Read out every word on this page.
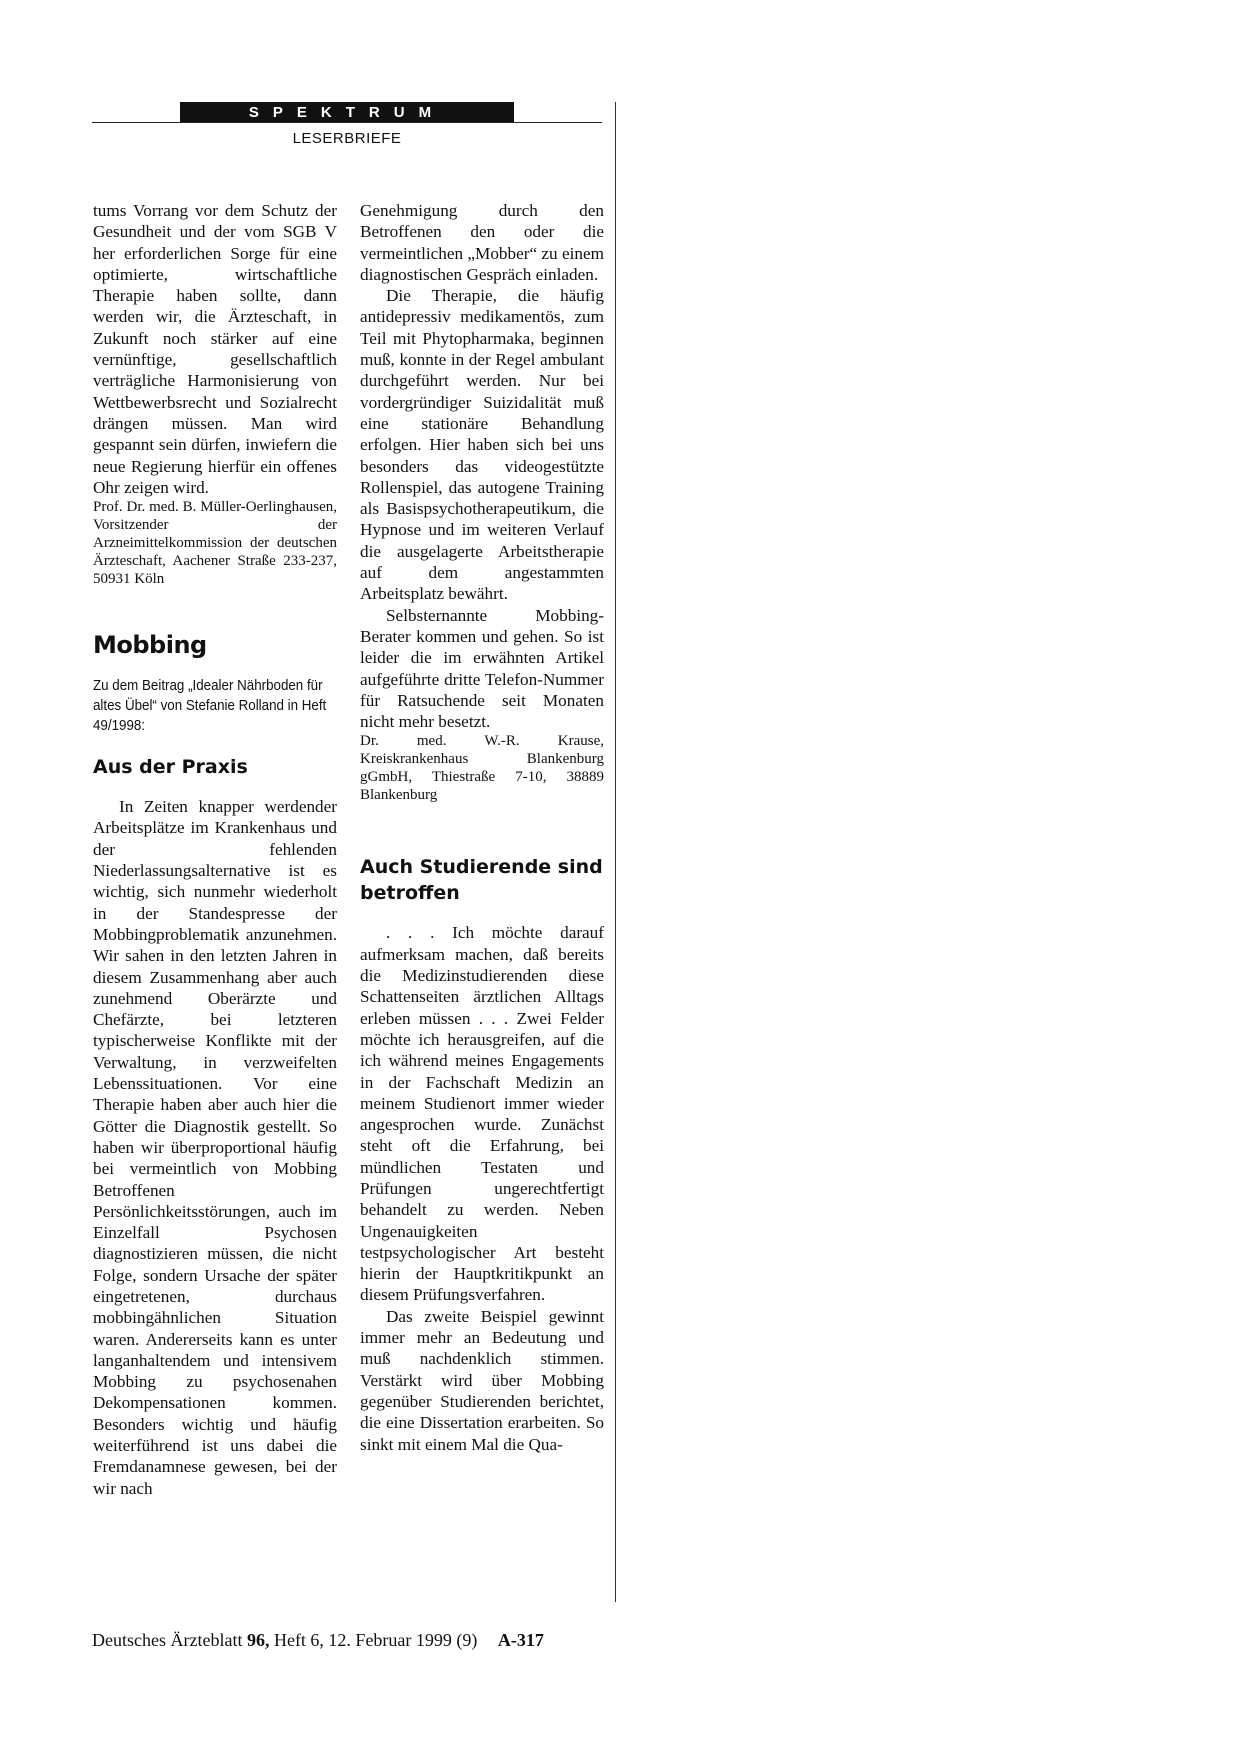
SPEKTRUM
LESERBRIEFE

tums Vorrang vor dem Schutz der Gesundheit und der vom SGB V her erforderlichen Sorge für eine optimierte, wirtschaftliche Therapie haben sollte, dann werden wir, die Ärzteschaft, in Zukunft noch stärker auf eine vernünftige, gesellschaftlich verträgliche Harmonisierung von Wettbewerbsrecht und Sozialrecht drängen müssen. Man wird gespannt sein dürfen, inwiefern die neue Regierung hierfür ein offenes Ohr zeigen wird.

Prof. Dr. med. B. Müller-Oerlinghausen, Vorsitzender der Arzneimittelkommission der deutschen Ärzteschaft, Aachener Straße 233-237, 50931 Köln

Mobbing
Zu dem Beitrag „Idealer Nährboden für altes Übel“ von Stefanie Rolland in Heft 49/1998:
Aus der Praxis

In Zeiten knapper werdender Arbeitsplätze im Krankenhaus und der fehlenden Niederlassungsalternative ist es wichtig, sich nunmehr wiederholt in der Standespresse der Mobbingproblematik anzunehmen. Wir sahen in den letzten Jahren in diesem Zusammenhang aber auch zunehmend Oberärzte und Chefärzte, bei letzteren typischerweise Konflikte mit der Verwaltung, in verzweifelten Lebenssituationen. Vor eine Therapie haben aber auch hier die Götter die Diagnostik gestellt. So haben wir überproportional häufig bei vermeintlich von Mobbing Betroffenen Persönlichkeitsstörungen, auch im Einzelfall Psychosen diagnostizieren müssen, die nicht Folge, sondern Ursache der später eingetretenen, durchaus mobbingähnlichen Situation waren. Andererseits kann es unter langanhaltendem und intensivem Mobbing zu psychosenahen Dekompensationen kommen. Besonders wichtig und häufig weiterführend ist uns dabei die Fremdanamnese gewesen, bei der wir nach

Genehmigung durch den Betroffenen den oder die vermeintlichen „Mobber“ zu einem diagnostischen Gespräch einladen.

Die Therapie, die häufig antidepressiv medikamentös, zum Teil mit Phytopharmaka, beginnen muß, konnte in der Regel ambulant durchgeführt werden. Nur bei vordergründiger Suizidalität muß eine stationäre Behandlung erfolgen. Hier haben sich bei uns besonders das videogestützte Rollenspiel, das autogene Training als Basispsychotherapeutikum, die Hypnose und im weiteren Verlauf die ausgelagerte Arbeitstherapie auf dem angestammten Arbeitsplatz bewährt.

Selbsternannte Mobbing-Berater kommen und gehen. So ist leider die im erwähnten Artikel aufgeführte dritte Telefon-Nummer für Ratsuchende seit Monaten nicht mehr besetzt.

Dr. med. W.-R. Krause, Kreiskrankenhaus Blankenburg gGmbH, Thiestraße 7-10, 38889 Blankenburg

Auch Studierende sind betroffen

. . . Ich möchte darauf aufmerksam machen, daß bereits die Medizinstudierenden diese Schattenseiten ärztlichen Alltags erleben müssen . . . Zwei Felder möchte ich herausgreifen, auf die ich während meines Engagements in der Fachschaft Medizin an meinem Studienort immer wieder angesprochen wurde. Zunächst steht oft die Erfahrung, bei mündlichen Testaten und Prüfungen ungerechtfertigt behandelt zu werden. Neben Ungenauigkeiten testpsychologischer Art besteht hierin der Hauptkritikpunkt an diesem Prüfungsverfahren.

Das zweite Beispiel gewinnt immer mehr an Bedeutung und muß nachdenklich stimmen. Verstärkt wird über Mobbing gegenüber Studierenden berichtet, die eine Dissertation erarbeiten. So sinkt mit einem Mal die Qua-

Deutsches Ärzteblatt 96, Heft 6, 12. Februar 1999 (9) A-317
